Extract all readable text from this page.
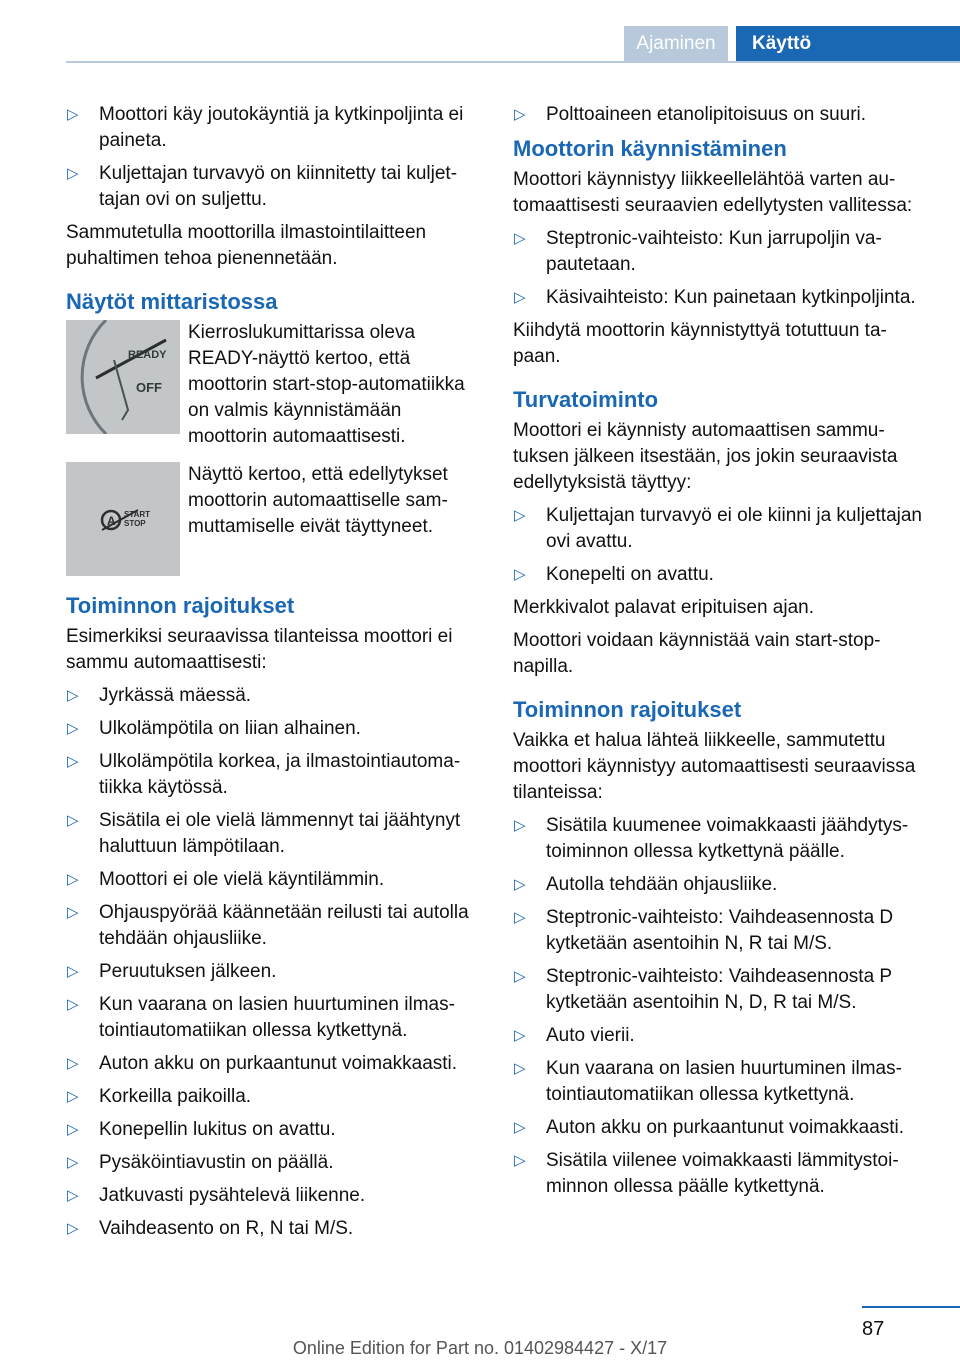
Ajaminen	Käyttö
▷ Moottori käy joutokäyntiä ja kytkinpoljinta ei paineta.
▷ Kuljettajan turvavyö on kiinnitetty tai kuljettajan ovi on suljettu.

Sammutetulla moottorilla ilmastointilaitteen puhaltimen tehoa pienennetään.

Näytöt mittaristossa
READY
OFF
Kierroslukumittarissa oleva READY-näyttö kertoo, että moottorin start-stop-automatiikka on valmis käynnistämään moottorin automaattisesti.
A START
STOP
Näyttö kertoo, että edellytykset moottorin automaattiselle sammuttamiselle eivät täyttyneet.
Toiminnon rajoitukset

Esimerkiksi seuraavissa tilanteissa moottori ei sammu automaattisesti:

▷ Jyrkässä mäessä.
▷ Ulkolämpötila on liian alhainen.
▷ Ulkolämpötila korkea, ja ilmastointiautomatiikka käytössä.
▷ Sisätila ei ole vielä lämmennyt tai jäähtynyt haluttuun lämpötilaan.
▷ Moottori ei ole vielä käyntilämmin.
▷ Ohjauspyörää käännetään reilusti tai autolla tehdään ohjausliike.
▷ Peruutuksen jälkeen.
▷ Kun vaarana on lasien huurtuminen ilmastointiautomatiikan ollessa kytkettynä.
▷ Auton akku on purkaantunut voimakkaasti.
▷ Korkeilla paikoilla.
▷ Konepellin lukitus on avattu.
▷ Pysäköintiavustin on päällä.
▷ Jatkuvasti pysähtelevä liikenne.
▷ Vaihdeasento on R, N tai M/S.
▷ Polttoaineen etanolipitoisuus on suuri.
Moottorin käynnistäminen

Moottori käynnistyy liikkeellelähtöä varten automaattisesti seuraavien edellytysten vallitessa:

▷ Steptronic-vaihteisto: Kun jarrupoljin vapautetaan.
▷ Käsivaihteisto: Kun painetaan kytkinpoljinta.

Kiihdytä moottorin käynnistyttyä totuttuun tapaan.

Turvatoiminto

Moottori ei käynnisty automaattisen sammutuksen jälkeen itsestään, jos jokin seuraavista edellytyksistä täyttyy:

▷ Kuljettajan turvavyö ei ole kiinni ja kuljettajan ovi avattu.
▷ Konepelti on avattu.

Merkkivalot palavat eripituisen ajan.

Moottori voidaan käynnistää vain start-stop-napilla.

Toiminnon rajoitukset

Vaikka et halua lähteä liikkeelle, sammutettu moottori käynnistyy automaattisesti seuraavissa tilanteissa:

▷ Sisätila kuumenee voimakkaasti jäähdytystoiminnon ollessa kytkettynä päälle.
▷ Autolla tehdään ohjausliike.
▷ Steptronic-vaihteisto: Vaihdeasennosta D kytketään asentoihin N, R tai M/S.
▷ Steptronic-vaihteisto: Vaihdeasennosta P kytketään asentoihin N, D, R tai M/S.
▷ Auto vierii.
▷ Kun vaarana on lasien huurtuminen ilmastointiautomatiikan ollessa kytkettynä.
▷ Auton akku on purkaantunut voimakkaasti.
▷ Sisätila viilenee voimakkaasti lämmitystoiminnon ollessa päälle kytkettynä.
87
Online Edition for Part no. 01402984427 - X/17
